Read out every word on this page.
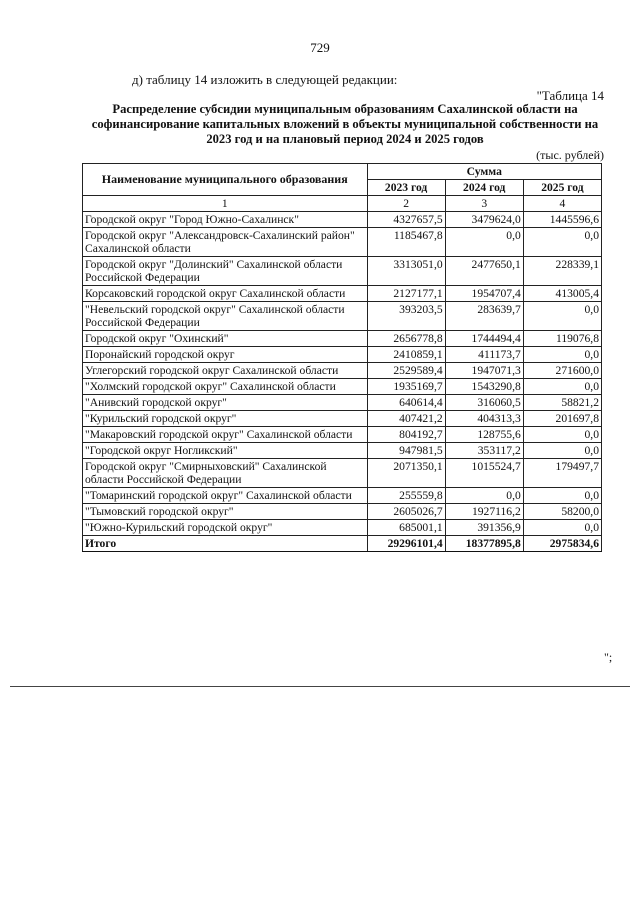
729
д) таблицу 14 изложить в следующей редакции:
"Таблица 14
Распределение субсидии муниципальным образованиям Сахалинской области на софинансирование капитальных вложений в объекты муниципальной собственности на 2023 год и на плановый период 2024 и 2025 годов
(тыс. рублей)
Наименование муниципального образования	Сумма		
	2023 год	2024 год	2025 год
1	2	3	4
Городской округ "Город Южно-Сахалинск"	4327657,5	3479624,0	1445596,6
Городской округ "Александровск-Сахалинский район" Сахалинской области	1185467,8	0,0	0,0
Городской округ "Долинский" Сахалинской области Российской Федерации	3313051,0	2477650,1	228339,1
Корсаковский городской округ Сахалинской области	2127177,1	1954707,4	413005,4
"Невельский городской округ" Сахалинской области Российской Федерации	393203,5	283639,7	0,0
Городской округ "Охинский"	2656778,8	1744494,4	119076,8
Поронайский городской округ	2410859,1	411173,7	0,0
Углегорский городской округ Сахалинской области	2529589,4	1947071,3	271600,0
"Холмский городской округ" Сахалинской области	1935169,7	1543290,8	0,0
"Анивский городской округ"	640614,4	316060,5	58821,2
"Курильский городской округ"	407421,2	404313,3	201697,8
"Макаровский городской округ" Сахалинской области	804192,7	128755,6	0,0
"Городской округ Ногликский"	947981,5	353117,2	0,0
Городской округ "Смирныховский" Сахалинской области Российской Федерации	2071350,1	1015524,7	179497,7
"Томаринский городской округ" Сахалинской области	255559,8	0,0	0,0
"Тымовский городской округ"	2605026,7	1927116,2	58200,0
"Южно-Курильский городской округ"	685001,1	391356,9	0,0
Итого	29296101,4	18377895,8	2975834,6
";
